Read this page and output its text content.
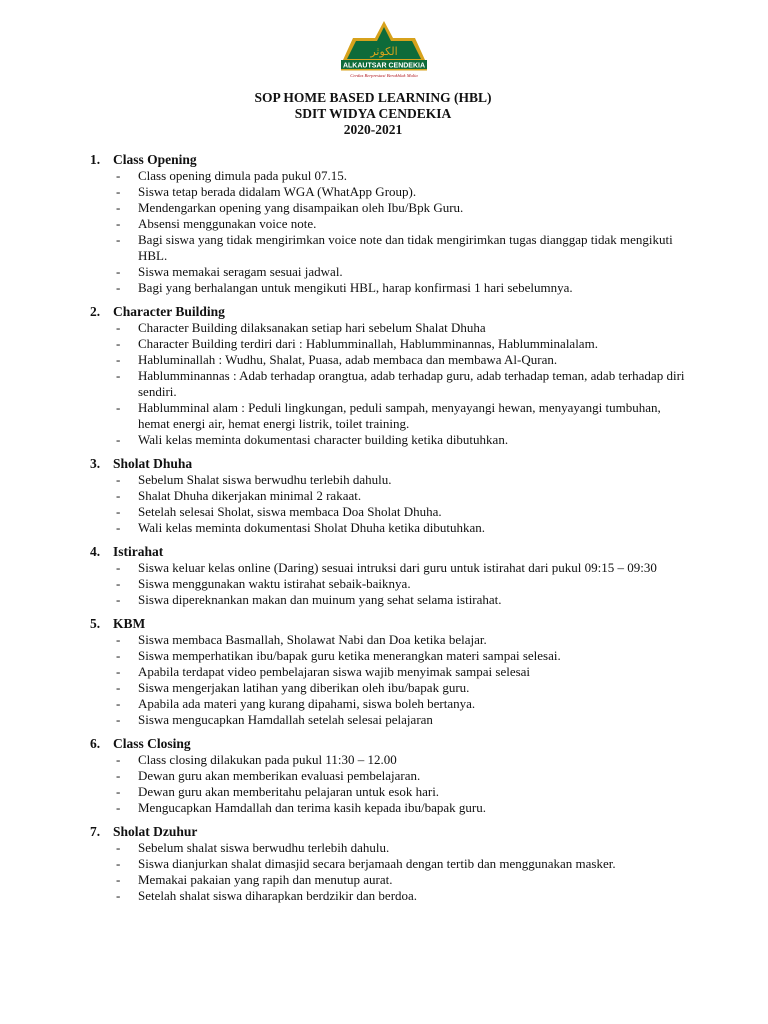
الكوثر
ALKAUTSAR CENDEKIA
Cerdas Berprestasi Berakhlak Mulia
SOP HOME BASED LEARNING (HBL)
SDIT WIDYA CENDEKIA
2020-2021
1. Class Opening
-	Class opening dimula pada pukul 07.15.
-	Siswa tetap berada didalam WGA (WhatApp Group).
-	Mendengarkan opening yang disampaikan oleh Ibu/Bpk Guru.
-	Absensi menggunakan voice note.
-	Bagi siswa yang tidak mengirimkan voice note dan tidak mengirimkan tugas dianggap tidak mengikuti HBL.
-	Siswa memakai seragam sesuai jadwal.
-	Bagi yang berhalangan untuk mengikuti HBL, harap konfirmasi 1 hari sebelumnya.
2. Character Building
-	Character Building dilaksanakan setiap hari sebelum Shalat Dhuha
-	Character Building terdiri dari : Hablumminallah, Hablumminannas, Hablumminalalam.
-	Habluminallah : Wudhu, Shalat, Puasa, adab membaca dan membawa Al-Quran.
-	Hablumminannas : Adab terhadap orangtua, adab terhadap guru, adab terhadap teman, adab terhadap diri sendiri.
-	Hablumminal alam : Peduli lingkungan, peduli sampah, menyayangi hewan, menyayangi tumbuhan, hemat energi air, hemat energi listrik, toilet training.
-	Wali kelas meminta dokumentasi character building ketika dibutuhkan.
3. Sholat Dhuha
-	Sebelum Shalat siswa berwudhu terlebih dahulu.
-	Shalat Dhuha dikerjakan minimal 2 rakaat.
-	Setelah selesai Sholat, siswa membaca Doa Sholat Dhuha.
-	Wali kelas meminta dokumentasi Sholat Dhuha ketika dibutuhkan.
4. Istirahat
-	Siswa keluar kelas online (Daring) sesuai intruksi dari guru untuk istirahat dari pukul 09:15 – 09:30
-	Siswa menggunakan waktu istirahat sebaik-baiknya.
-	Siswa dipereknankan makan dan muinum yang sehat selama istirahat.
5. KBM
-	Siswa membaca Basmallah, Sholawat Nabi dan Doa ketika belajar.
-	Siswa memperhatikan ibu/bapak guru ketika menerangkan materi sampai selesai.
-	Apabila terdapat video pembelajaran siswa wajib menyimak sampai selesai
-	Siswa mengerjakan latihan yang diberikan oleh ibu/bapak guru.
-	Apabila ada materi yang kurang dipahami, siswa boleh bertanya.
-	Siswa mengucapkan Hamdallah setelah selesai pelajaran
6. Class Closing
-	Class closing dilakukan pada pukul 11:30 – 12.00
-	Dewan guru akan memberikan evaluasi pembelajaran.
-	Dewan guru akan memberitahu pelajaran untuk esok hari.
-	Mengucapkan Hamdallah dan terima kasih kepada ibu/bapak guru.
7. Sholat Dzuhur
-	Sebelum shalat siswa berwudhu terlebih dahulu.
-	Siswa dianjurkan shalat dimasjid secara berjamaah dengan tertib dan menggunakan masker.
-	Memakai pakaian yang rapih dan menutup aurat.
-	Setelah shalat siswa diharapkan berdzikir dan berdoa.
